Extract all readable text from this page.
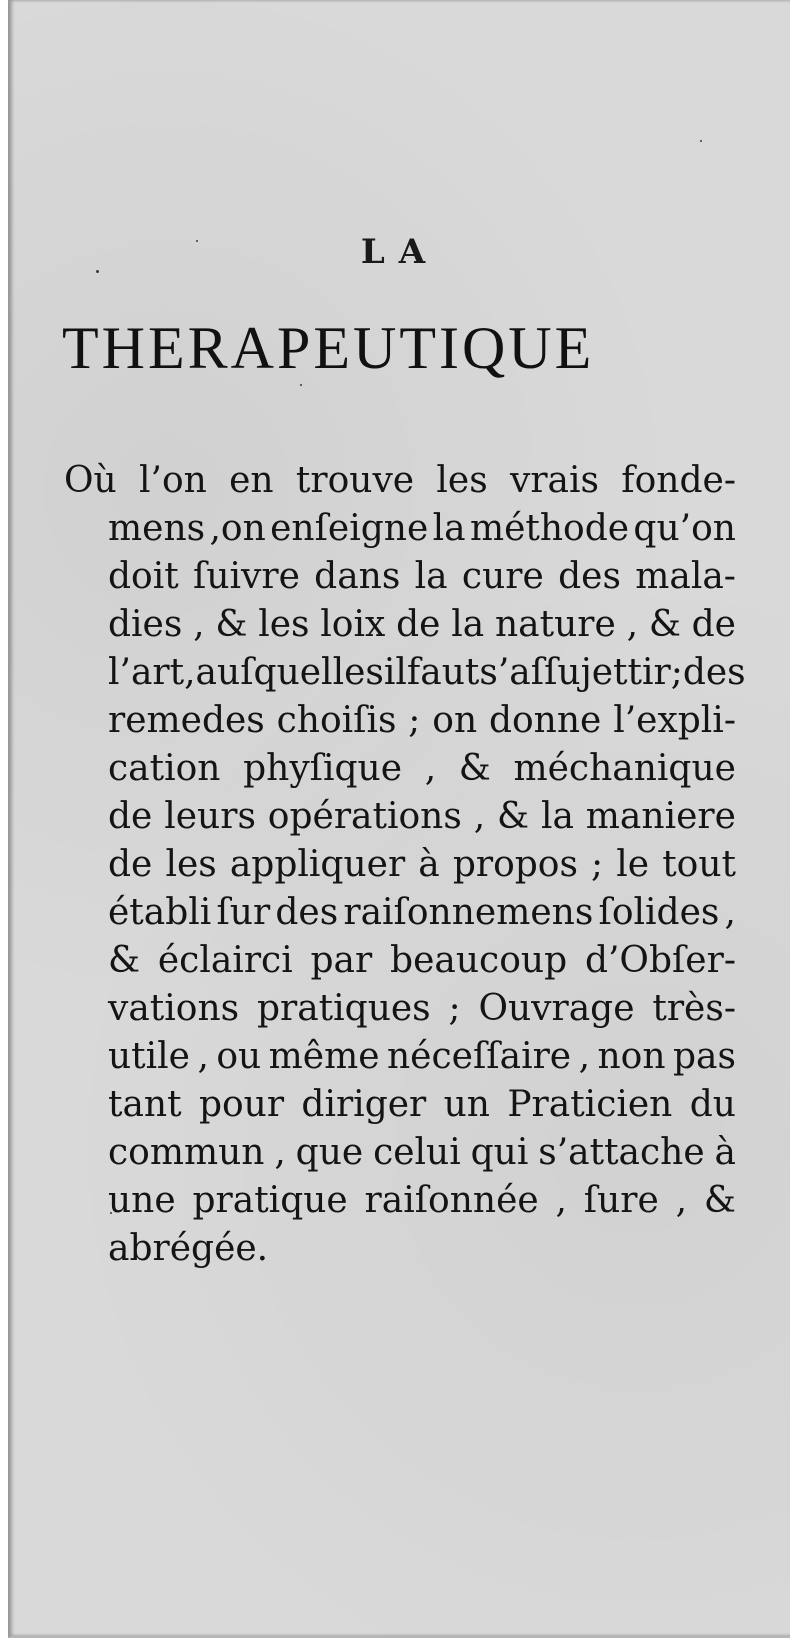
LA
THERAPEUTIQUE
Où l’on en trouve les vrais fonde-
mens ,on enſeigne la méthode qu’on
doit ſuivre dans la cure des mala-
dies , & les loix de la nature , & de
l’art, auſquelles il faut s’aſſujettir;des
remedes choiſis ; on donne l’expli-
cation phyſique , & méchanique
de leurs opérations , & la maniere
de les appliquer à propos ; le tout
établi ſur des raiſonnemens ſolides ,
& éclairci par beaucoup d’Obſer-
vations pratiques ; Ouvrage très-
utile , ou même néceſſaire , non pas
tant pour diriger un Praticien du
commun , que celui qui s’attache à
une pratique raiſonnée , ſure , &
abrégée.
